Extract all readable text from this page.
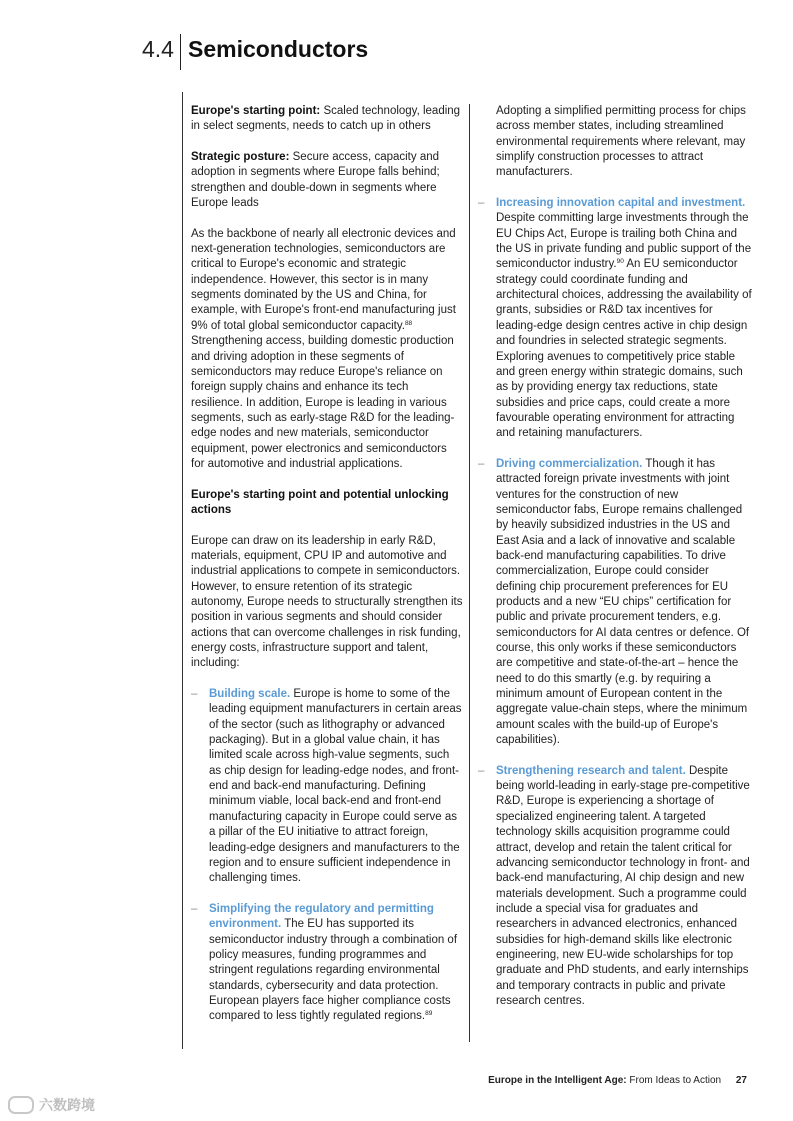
4.4 Semiconductors

Europe's starting point: Scaled technology, leading in select segments, needs to catch up in others

Strategic posture: Secure access, capacity and adoption in segments where Europe falls behind; strengthen and double-down in segments where Europe leads

As the backbone of nearly all electronic devices and next-generation technologies, semiconductors are critical to Europe's economic and strategic independence. However, this sector is in many segments dominated by the US and China, for example, with Europe's front-end manufacturing just 9% of total global semiconductor capacity.$^{88}$ Strengthening access, building domestic production and driving adoption in these segments of semiconductors may reduce Europe's reliance on foreign supply chains and enhance its tech resilience. In addition, Europe is leading in various segments, such as early-stage R&D for the leading-edge nodes and new materials, semiconductor equipment, power electronics and semiconductors for automotive and industrial applications.

Europe's starting point and potential unlocking actions

Europe can draw on its leadership in early R&D, materials, equipment, CPU IP and automotive and industrial applications to compete in semiconductors. However, to ensure retention of its strategic autonomy, Europe needs to structurally strengthen its position in various segments and should consider actions that can overcome challenges in risk funding, energy costs, infrastructure support and talent, including:

– Building scale. Europe is home to some of the leading equipment manufacturers in certain areas of the sector (such as lithography or advanced packaging). But in a global value chain, it has limited scale across high-value segments, such as chip design for leading-edge nodes, and front-end and back-end manufacturing. Defining minimum viable, local back-end and front-end manufacturing capacity in Europe could serve as a pillar of the EU initiative to attract foreign, leading-edge designers and manufacturers to the region and to ensure sufficient independence in challenging times.
– Simplifying the regulatory and permitting environment. The EU has supported its semiconductor industry through a combination of policy measures, funding programmes and stringent regulations regarding environmental standards, cybersecurity and data protection. European players face higher compliance costs compared to less tightly regulated regions.$^{89}$

Adopting a simplified permitting process for chips across member states, including streamlined environmental requirements where relevant, may simplify construction processes to attract manufacturers.

– Increasing innovation capital and investment. Despite committing large investments through the EU Chips Act, Europe is trailing both China and the US in private funding and public support of the semiconductor industry.$^{90}$ An EU semiconductor strategy could coordinate funding and architectural choices, addressing the availability of grants, subsidies or R&D tax incentives for leading-edge design centres active in chip design and foundries in selected strategic segments. Exploring avenues to competitively price stable and green energy within strategic domains, such as by providing energy tax reductions, state subsidies and price caps, could create a more favourable operating environment for attracting and retaining manufacturers.
– Driving commercialization. Though it has attracted foreign private investments with joint ventures for the construction of new semiconductor fabs, Europe remains challenged by heavily subsidized industries in the US and East Asia and a lack of innovative and scalable back-end manufacturing capabilities. To drive commercialization, Europe could consider defining chip procurement preferences for EU products and a new “EU chips” certification for public and private procurement tenders, e.g. semiconductors for AI data centres or defence. Of course, this only works if these semiconductors are competitive and state-of-the-art – hence the need to do this smartly (e.g. by requiring a minimum amount of European content in the aggregate value-chain steps, where the minimum amount scales with the build-up of Europe's capabilities).
– Strengthening research and talent. Despite being world-leading in early-stage pre-competitive R&D, Europe is experiencing a shortage of specialized engineering talent. A targeted technology skills acquisition programme could attract, develop and retain the talent critical for advancing semiconductor technology in front- and back-end manufacturing, AI chip design and new materials development. Such a programme could include a special visa for graduates and researchers in advanced electronics, enhanced subsidies for high-demand skills like electronic engineering, new EU-wide scholarships for top graduate and PhD students, and early internships and temporary contracts in public and private research centres.
Europe in the Intelligent Age: From Ideas to Action 27
六数跨境
